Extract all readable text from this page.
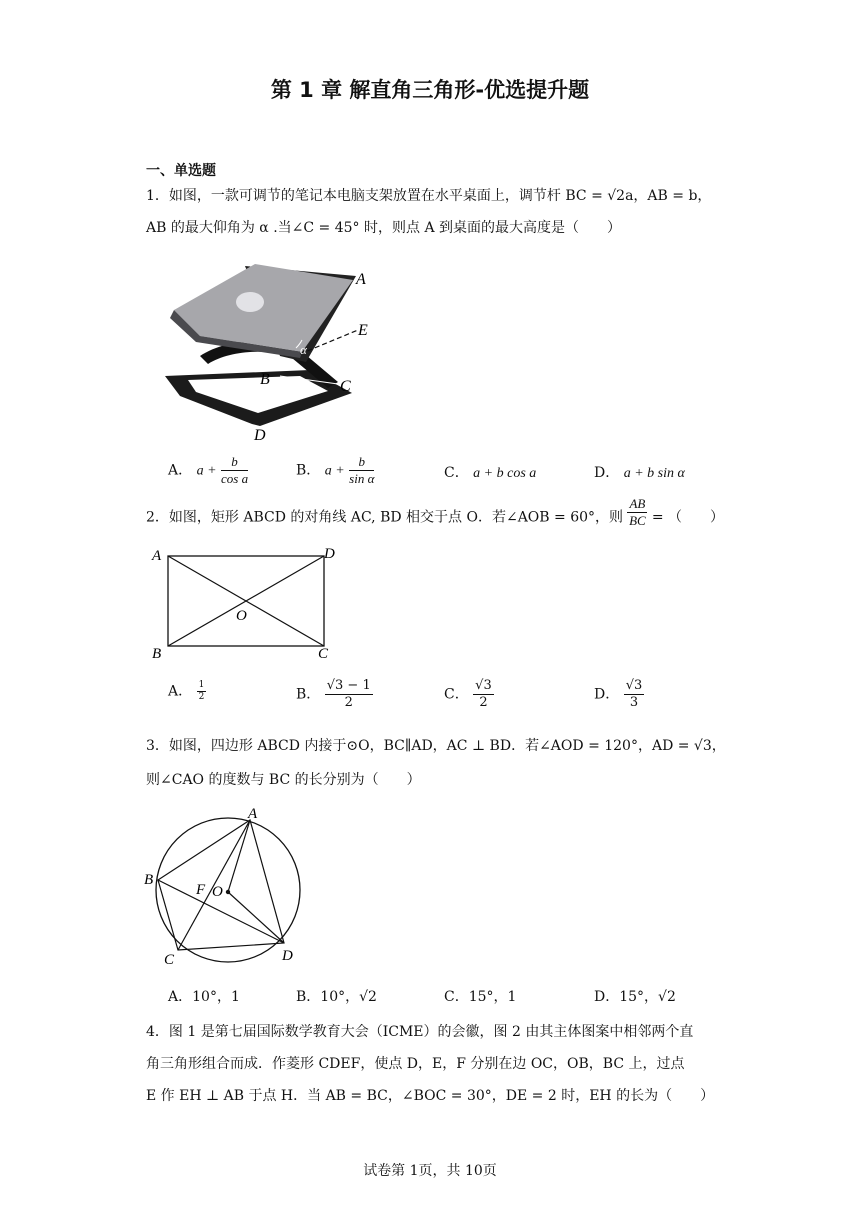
第 1 章 解直角三角形-优选提升题
一、单选题
1．如图，一款可调节的笔记本电脑支架放置在水平桌面上，调节杆 BC = √2a，AB = b，
AB 的最大仰角为 α .当∠C = 45° 时，则点 A 到桌面的最大高度是（　　）
A
E
α
B
45°	C
D
A． $a + \frac{b}{\text{cos a}}$	B． $a + \frac{b}{\text{sin α}}$	C． a + b cos a	D． a + b sin α
2．如图，矩形 ABCD 的对角线 AC, BD 相交于点 O．若∠AOB = 60°，则 $\frac{AB}{BC}$ = （　　）
A	D
O
B	C
A． $\frac{1}{2}$	B． $\frac{√3 - 1}{2}$	C． $\frac{√3}{2}$	D． $\frac{√3}{3}$
3．如图，四边形 ABCD 内接于⊙O，BC∥AD，AC ⊥ BD．若∠AOD = 120°，AD = √3，
则∠CAO 的度数与 BC 的长分别为（　　）
A
B
F O
C	D
A．10°，1	B．10°，√2	C．15°，1	D．15°，√2
4．图 1 是第七届国际数学教育大会（ICME）的会徽，图 2 由其主体图案中相邻两个直
角三角形组合而成．作菱形 CDEF，使点 D，E，F 分别在边 OC，OB，BC 上，过点
E 作 EH ⊥ AB 于点 H．当 AB = BC，∠BOC = 30°，DE = 2 时，EH 的长为（　　）
试卷第 1页，共 10页
